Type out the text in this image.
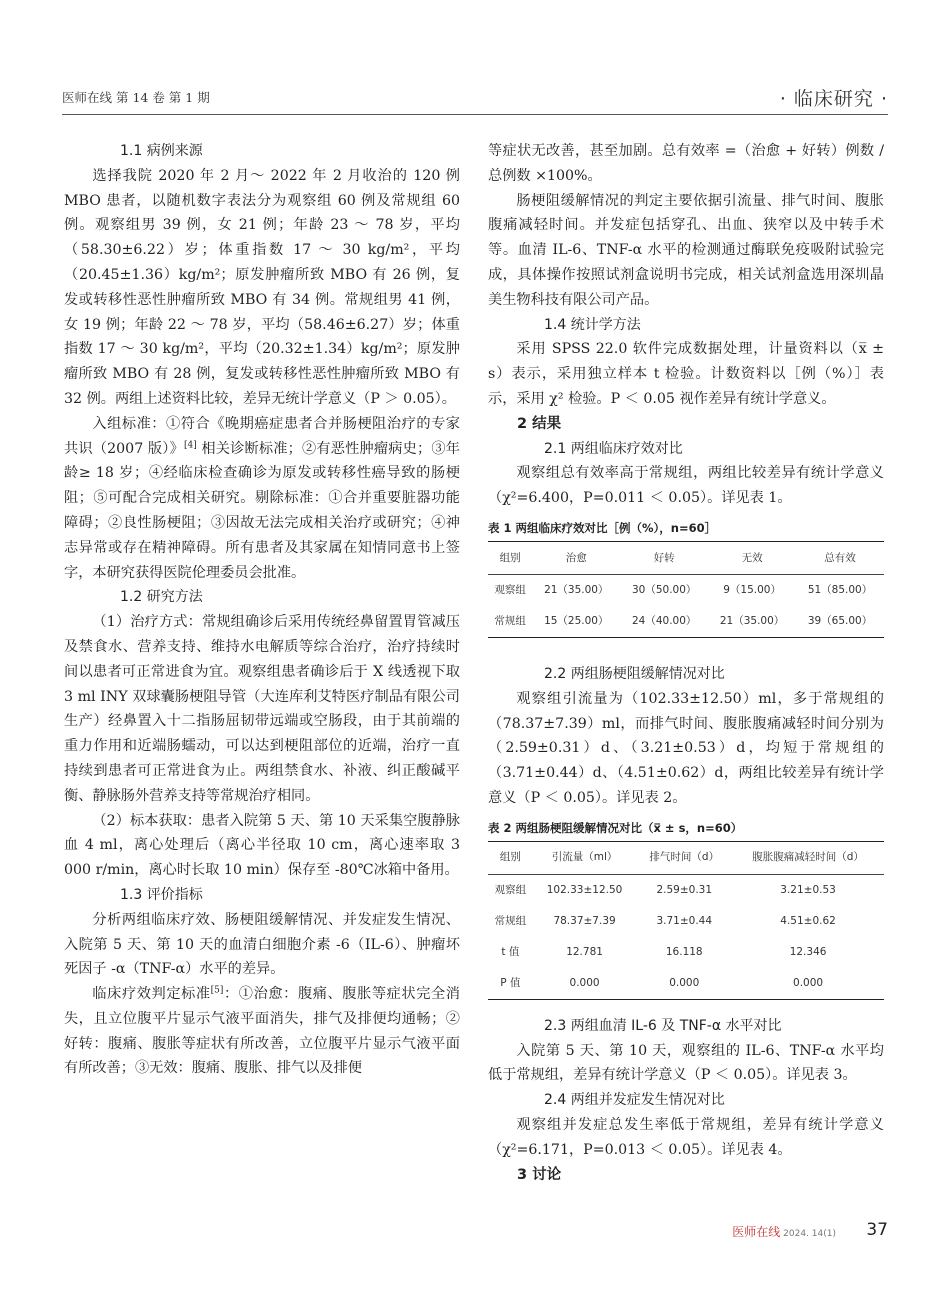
医师在线 第 14 卷 第 1 期	· 临床研究 ·

1.1 病例来源

选择我院 2020 年 2 月～ 2022 年 2 月收治的 120 例 MBO 患者，以随机数字表法分为观察组 60 例及常规组 60 例。观察组男 39 例，女 21 例；年龄 23 ～ 78 岁，平均（58.30±6.22）岁；体重指数 17 ～ 30 kg/m²，平均（20.45±1.36）kg/m²；原发肿瘤所致 MBO 有 26 例，复发或转移性恶性肿瘤所致 MBO 有 34 例。常规组男 41 例，女 19 例；年龄 22 ～ 78 岁，平均（58.46±6.27）岁；体重指数 17 ～ 30 kg/m²，平均（20.32±1.34）kg/m²；原发肿瘤所致 MBO 有 28 例，复发或转移性恶性肿瘤所致 MBO 有 32 例。两组上述资料比较，差异无统计学意义（P ＞ 0.05）。

入组标准：①符合《晚期癌症患者合并肠梗阻治疗的专家共识（2007 版）》[4] 相关诊断标准；②有恶性肿瘤病史；③年龄≥ 18 岁；④经临床检查确诊为原发或转移性癌导致的肠梗阻；⑤可配合完成相关研究。剔除标准：①合并重要脏器功能障碍；②良性肠梗阻；③因故无法完成相关治疗或研究；④神志异常或存在精神障碍。所有患者及其家属在知情同意书上签字，本研究获得医院伦理委员会批准。

1.2 研究方法

（1）治疗方式：常规组确诊后采用传统经鼻留置胃管减压及禁食水、营养支持、维持水电解质等综合治疗，治疗持续时间以患者可正常进食为宜。观察组患者确诊后于 X 线透视下取 3 ml INY 双球囊肠梗阻导管（大连库利艾特医疗制品有限公司生产）经鼻置入十二指肠屈韧带远端或空肠段，由于其前端的重力作用和近端肠蠕动，可以达到梗阻部位的近端，治疗一直持续到患者可正常进食为止。两组禁食水、补液、纠正酸碱平衡、静脉肠外营养支持等常规治疗相同。

（2）标本获取：患者入院第 5 天、第 10 天采集空腹静脉血 4 ml，离心处理后（离心半径取 10 cm，离心速率取 3 000 r/min，离心时长取 10 min）保存至 -80℃冰箱中备用。

1.3 评价指标

分析两组临床疗效、肠梗阻缓解情况、并发症发生情况、入院第 5 天、第 10 天的血清白细胞介素 -6（IL-6）、肿瘤坏死因子 -α（TNF-α）水平的差异。

临床疗效判定标准[5]：①治愈：腹痛、腹胀等症状完全消失，且立位腹平片显示气液平面消失，排气及排便均通畅；②好转：腹痛、腹胀等症状有所改善，立位腹平片显示气液平面有所改善；③无效：腹痛、腹胀、排气以及排便

等症状无改善，甚至加剧。总有效率 =（治愈 + 好转）例数 / 总例数 ×100%。

肠梗阻缓解情况的判定主要依据引流量、排气时间、腹胀腹痛减轻时间。并发症包括穿孔、出血、狭窄以及中转手术等。血清 IL-6、TNF-α 水平的检测通过酶联免疫吸附试验完成，具体操作按照试剂盒说明书完成，相关试剂盒选用深圳晶美生物科技有限公司产品。

1.4 统计学方法

采用 SPSS 22.0 软件完成数据处理，计量资料以（x̅ ± s）表示，采用独立样本 t 检验。计数资料以［例（%）］表示，采用 χ² 检验。P ＜ 0.05 视作差异有统计学意义。

2 结果

2.1 两组临床疗效对比

观察组总有效率高于常规组，两组比较差异有统计学意义（χ²=6.400，P=0.011 ＜ 0.05）。详见表 1。

表 1 两组临床疗效对比［例（%），n=60］
组别	治愈	好转	无效	总有效
观察组	21（35.00）	30（50.00）	9（15.00）	51（85.00）
常规组	15（25.00）	24（40.00）	21（35.00）	39（65.00）

2.2 两组肠梗阻缓解情况对比

观察组引流量为（102.33±12.50）ml，多于常规组的（78.37±7.39）ml，而排气时间、腹胀腹痛减轻时间分别为（2.59±0.31）d、（3.21±0.53）d，均短于常规组的（3.71±0.44）d、（4.51±0.62）d，两组比较差异有统计学意义（P ＜ 0.05）。详见表 2。

表 2 两组肠梗阻缓解情况对比（x̅ ± s，n=60）
组别	引流量（ml）	排气时间（d）	腹胀腹痛减轻时间（d）
观察组	102.33±12.50	2.59±0.31	3.21±0.53
常规组	78.37±7.39	3.71±0.44	4.51±0.62
t 值	12.781	16.118	12.346
P 值	0.000	0.000	0.000

2.3 两组血清 IL-6 及 TNF-α 水平对比

入院第 5 天、第 10 天，观察组的 IL-6、TNF-α 水平均低于常规组，差异有统计学意义（P ＜ 0.05）。详见表 3。

2.4 两组并发症发生情况对比

观察组并发症总发生率低于常规组，差异有统计学意义（χ²=6.171，P=0.013 ＜ 0.05）。详见表 4。

3 讨论

医师在线 2024. 14(1) 37
